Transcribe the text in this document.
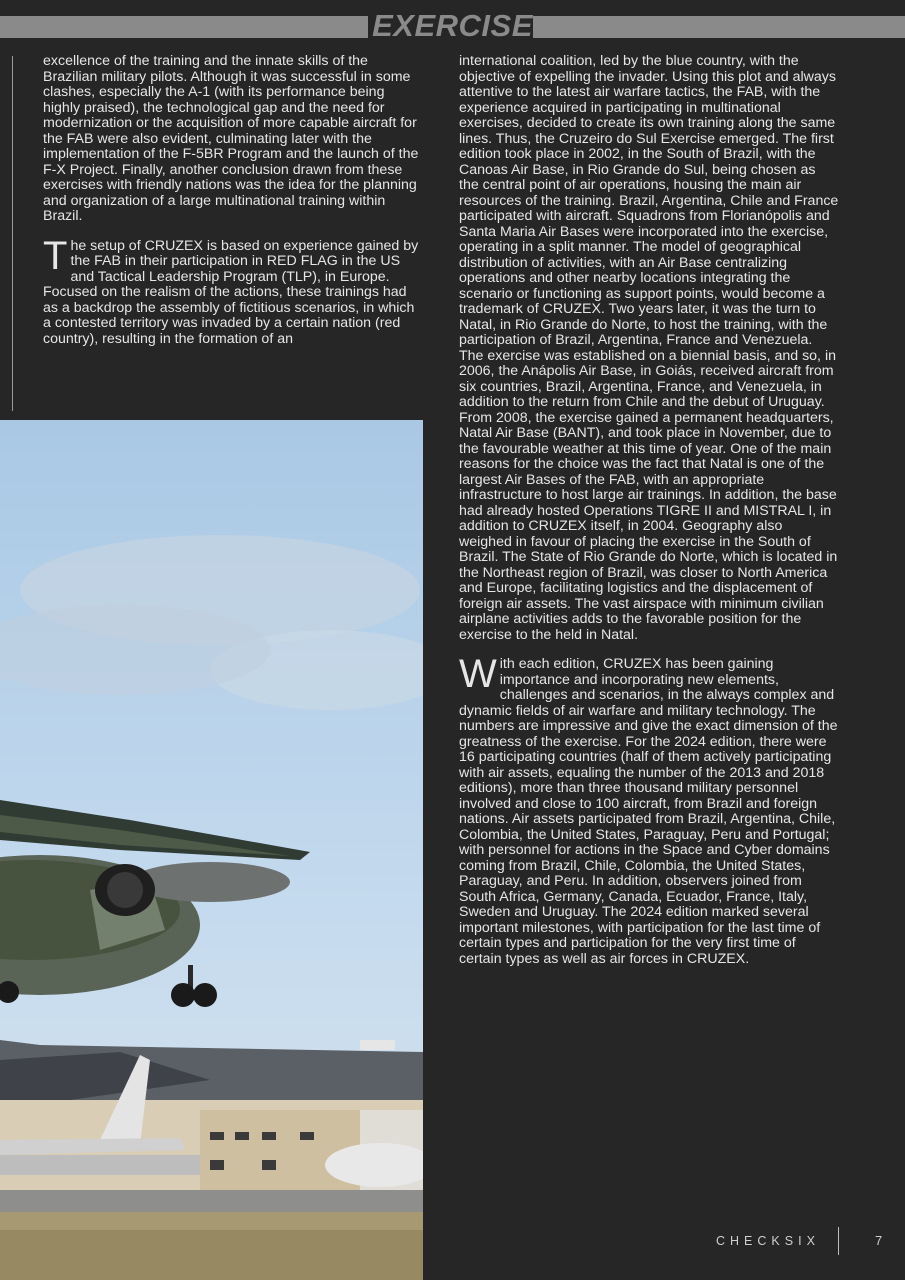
EXERCISE

excellence of the training and the innate skills of the Brazilian military pilots. Although it was successful in some clashes, especially the A-1 (with its performance being highly praised), the technological gap and the need for modernization or the acquisition of more capable aircraft for the FAB were also evident, culminating later with the implementation of the F-5BR Program and the launch of the F-X Project. Finally, another conclusion drawn from these exercises with friendly nations was the idea for the planning and organization of a large multinational training within Brazil.

The setup of CRUZEX is based on experience gained by the FAB in their participation in RED FLAG in the US and Tactical Leadership Program (TLP), in Europe. Focused on the realism of the actions, these trainings had as a backdrop the assembly of fictitious scenarios, in which a contested territory was invaded by a certain nation (red country), resulting in the formation of an

international coalition, led by the blue country, with the objective of expelling the invader. Using this plot and always attentive to the latest air warfare tactics, the FAB, with the experience acquired in participating in multinational exercises, decided to create its own training along the same lines. Thus, the Cruzeiro do Sul Exercise emerged. The first edition took place in 2002, in the South of Brazil, with the Canoas Air Base, in Rio Grande do Sul, being chosen as the central point of air operations, housing the main air resources of the training. Brazil, Argentina, Chile and France participated with aircraft. Squadrons from Florianópolis and Santa Maria Air Bases were incorporated into the exercise, operating in a split manner. The model of geographical distribution of activities, with an Air Base centralizing operations and other nearby locations integrating the scenario or functioning as support points, would become a trademark of CRUZEX. Two years later, it was the turn to Natal, in Rio Grande do Norte, to host the training, with the participation of Brazil, Argentina, France and Venezuela. The exercise was established on a biennial basis, and so, in 2006, the Anápolis Air Base, in Goiás, received aircraft from six countries, Brazil, Argentina, France, and Venezuela, in addition to the return from Chile and the debut of Uruguay. From 2008, the exercise gained a permanent headquarters, Natal Air Base (BANT), and took place in November, due to the favourable weather at this time of year. One of the main reasons for the choice was the fact that Natal is one of the largest Air Bases of the FAB, with an appropriate infrastructure to host large air trainings. In addition, the base had already hosted Operations TIGRE II and MISTRAL I, in addition to CRUZEX itself, in 2004. Geography also weighed in favour of placing the exercise in the South of Brazil. The State of Rio Grande do Norte, which is located in the Northeast region of Brazil, was closer to North America and Europe, facilitating logistics and the displacement of foreign air assets. The vast airspace with minimum civilian airplane activities adds to the favorable position for the exercise to the held in Natal.

With each edition, CRUZEX has been gaining importance and incorporating new elements, challenges and scenarios, in the always complex and dynamic fields of air warfare and military technology. The numbers are impressive and give the exact dimension of the greatness of the exercise. For the 2024 edition, there were 16 participating countries (half of them actively participating with air assets, equaling the number of the 2013 and 2018 editions), more than three thousand military personnel involved and close to 100 aircraft, from Brazil and foreign nations. Air assets participated from Brazil, Argentina, Chile, Colombia, the United States, Paraguay, Peru and Portugal; with personnel for actions in the Space and Cyber domains coming from Brazil, Chile, Colombia, the United States, Paraguay, and Peru. In addition, observers joined from South Africa, Germany, Canada, Ecuador, France, Italy, Sweden and Uruguay. The 2024 edition marked several important milestones, with participation for the last time of certain types and participation for the very first time of certain types as well as air forces in CRUZEX.

CHECKSIX	7
